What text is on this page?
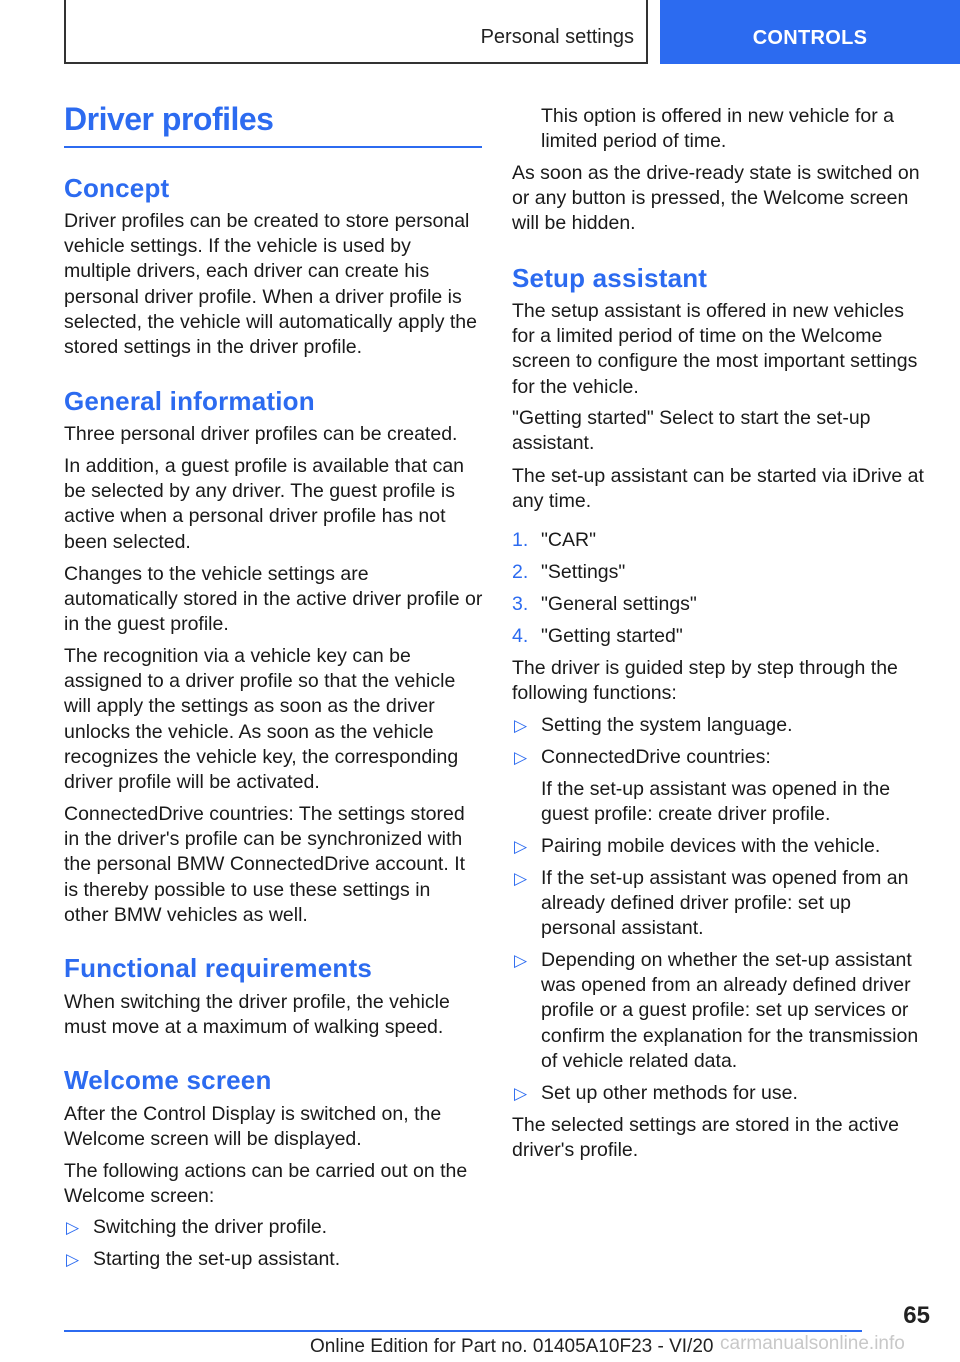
Personal settings	CONTROLS
Driver profiles
Concept

Driver profiles can be created to store personal vehicle settings. If the vehicle is used by multiple drivers, each driver can create his personal driver profile. When a driver profile is selected, the vehicle will automatically apply the stored settings in the driver profile.

General information

Three personal driver profiles can be created.

In addition, a guest profile is available that can be selected by any driver. The guest profile is active when a personal driver profile has not been selected.

Changes to the vehicle settings are automatically stored in the active driver profile or in the guest profile.

The recognition via a vehicle key can be assigned to a driver profile so that the vehicle will apply the settings as soon as the driver unlocks the vehicle. As soon as the vehicle recognizes the vehicle key, the corresponding driver profile will be activated.

ConnectedDrive countries: The settings stored in the driver's profile can be synchronized with the personal BMW ConnectedDrive account. It is thereby possible to use these settings in other BMW vehicles as well.

Functional requirements

When switching the driver profile, the vehicle must move at a maximum of walking speed.

Welcome screen

After the Control Display is switched on, the Welcome screen will be displayed.

The following actions can be carried out on the Welcome screen:

▷ Switching the driver profile.
▷ Starting the set-up assistant.

This option is offered in new vehicle for a limited period of time.

As soon as the drive-ready state is switched on or any button is pressed, the Welcome screen will be hidden.

Setup assistant

The setup assistant is offered in new vehicles for a limited period of time on the Welcome screen to configure the most important settings for the vehicle.

"Getting started" Select to start the set-up assistant.

The set-up assistant can be started via iDrive at any time.

1. "CAR"
2. "Settings"
3. "General settings"
4. "Getting started"

The driver is guided step by step through the following functions:

▷ Setting the system language.
▷ ConnectedDrive countries:
If the set-up assistant was opened in the guest profile: create driver profile.
▷ Pairing mobile devices with the vehicle.
▷ If the set-up assistant was opened from an already defined driver profile: set up personal assistant.
▷ Depending on whether the set-up assistant was opened from an already defined driver profile or a guest profile: set up services or confirm the explanation for the transmission of vehicle related data.
▷ Set up other methods for use.

The selected settings are stored in the active driver's profile.

65
carmanualsonline.info
Online Edition for Part no. 01405A10F23 - VI/20
